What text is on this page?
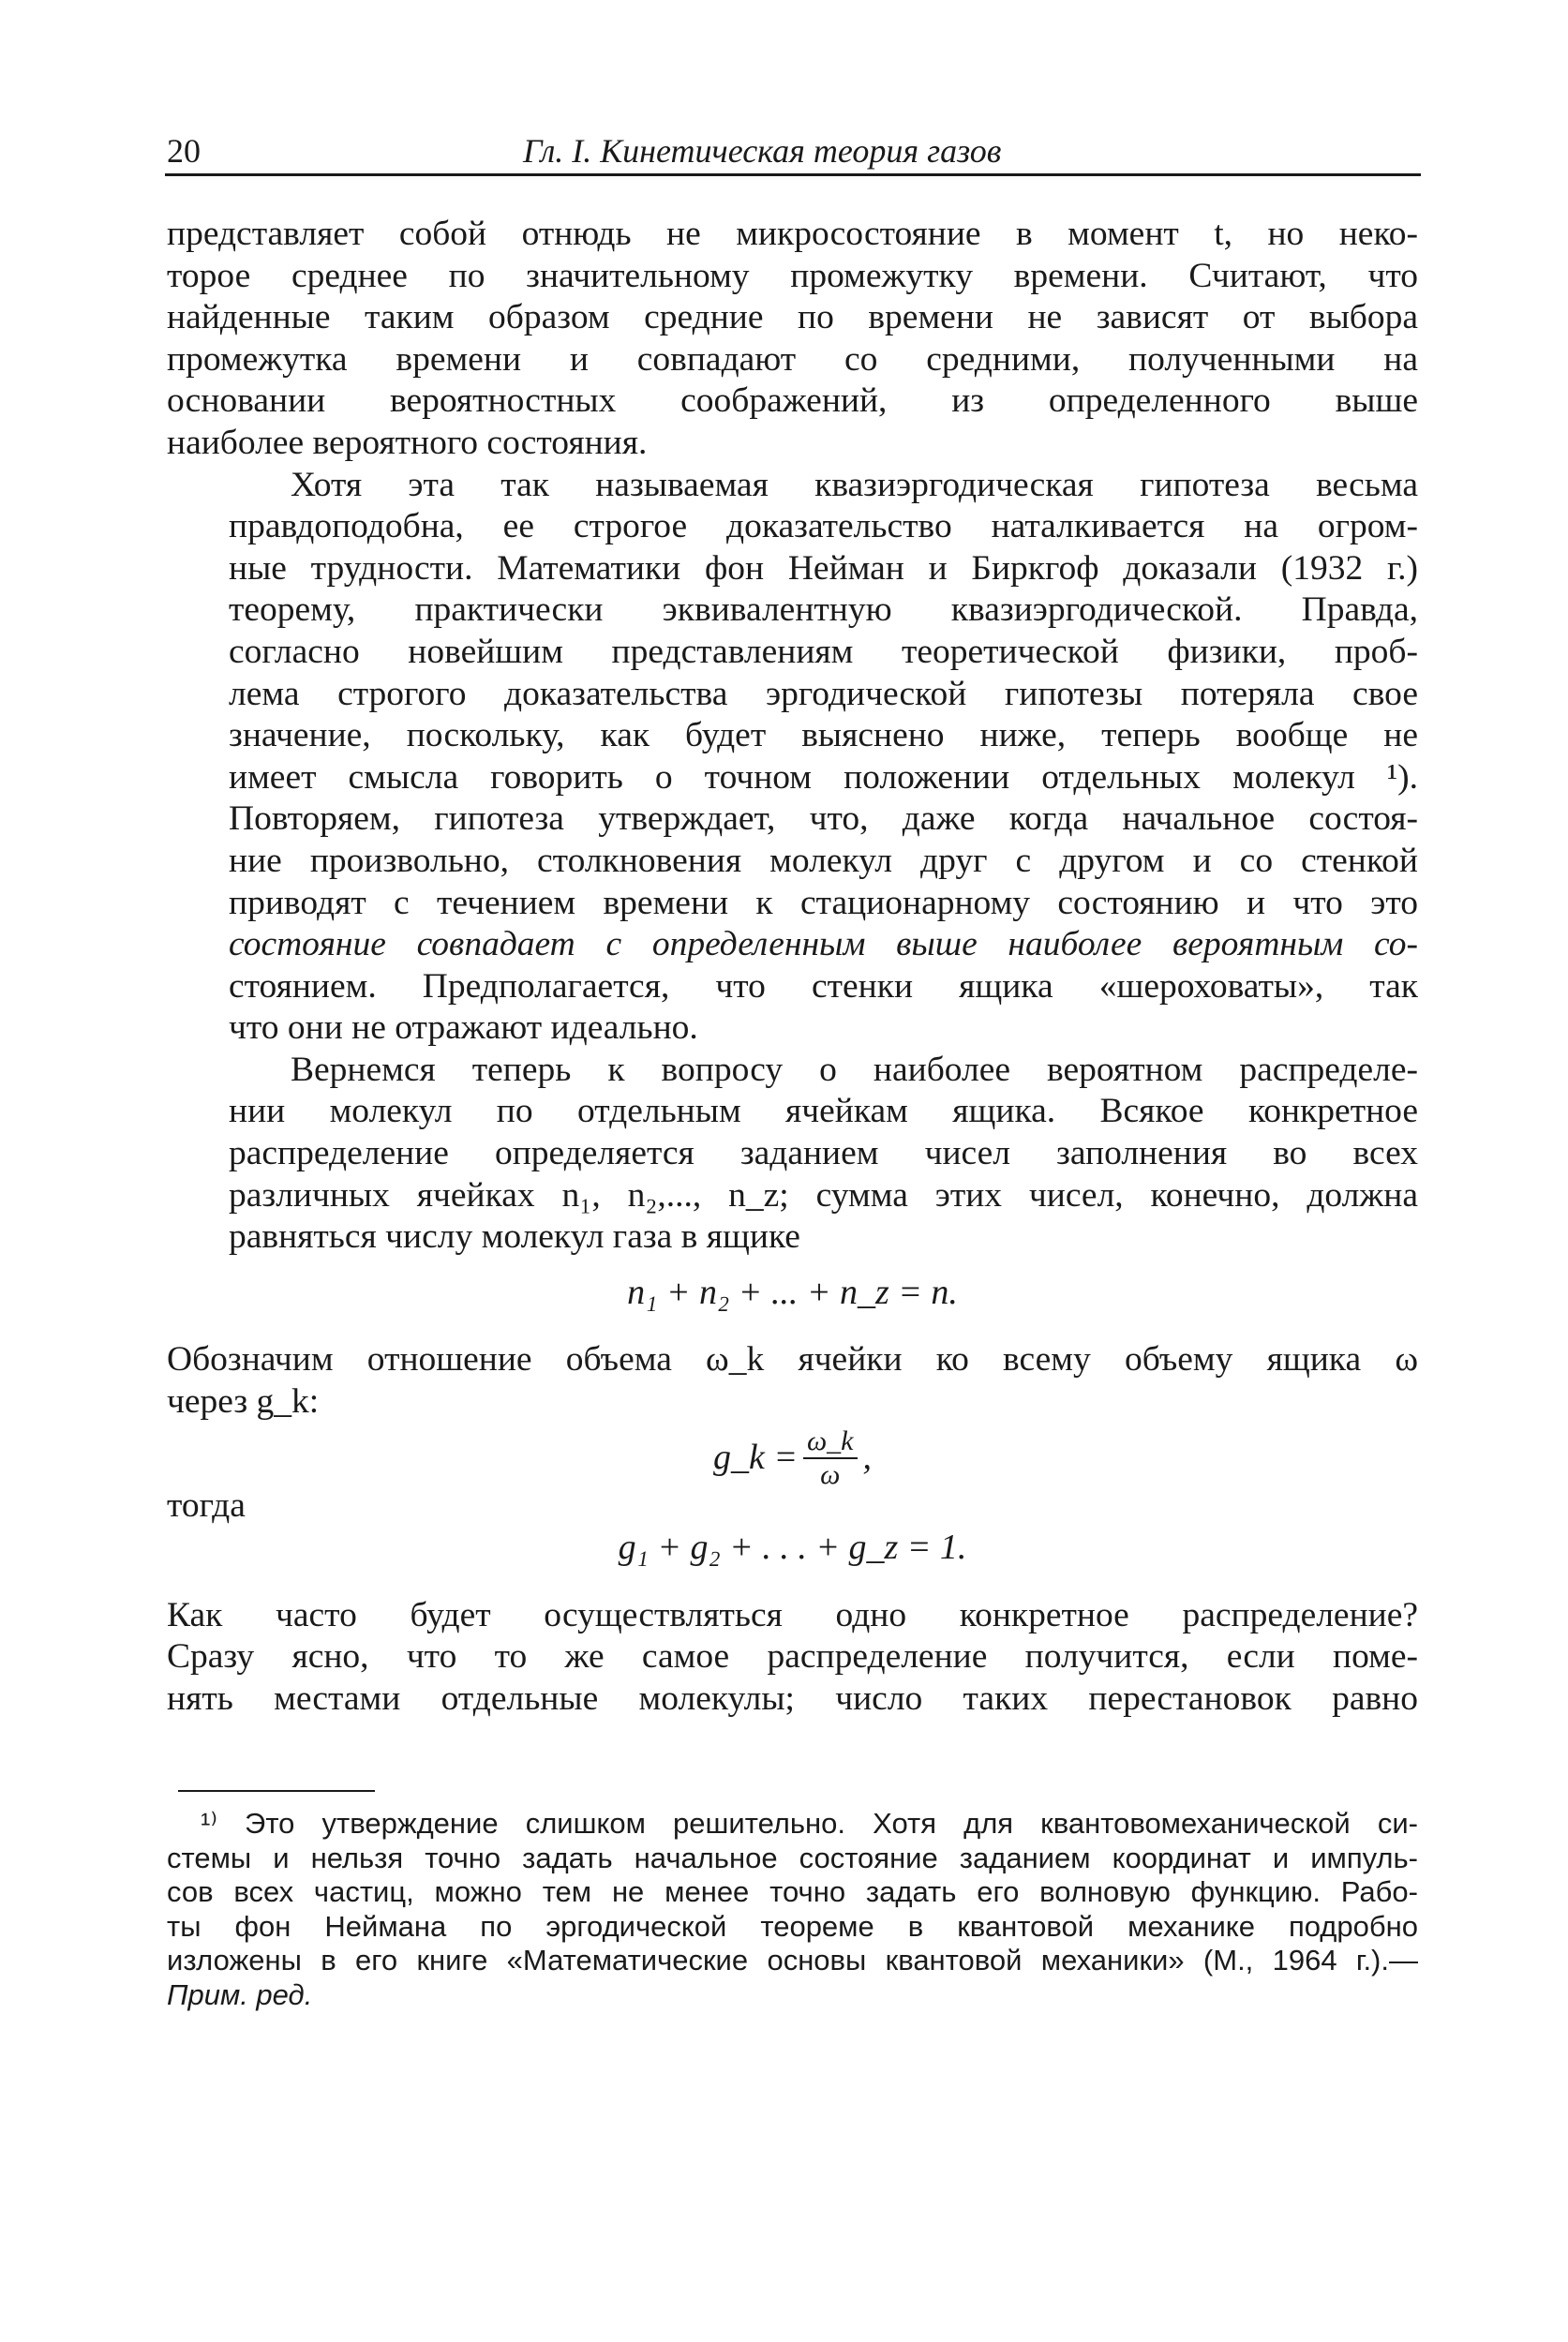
20	Гл. I. Кинетическая теория газов

представляет собой отнюдь не микросостояние в момент t, но неко-
торое среднее по значительному промежутку времени. Считают, что
найденные таким образом средние по времени не зависят от выбора
промежутка времени и совпадают со средними, полученными на
основании вероятностных соображений, из определенного выше
наиболее вероятного состояния.

Хотя эта так называемая квазиэргодическая гипотеза весьма
правдоподобна, ее строгое доказательство наталкивается на огром-
ные трудности. Математики фон Нейман и Биркгоф доказали (1932 г.)
теорему, практически эквивалентную квазиэргодической. Правда,
согласно новейшим представлениям теоретической физики, проб-
лема строгого доказательства эргодической гипотезы потеряла свое
значение, поскольку, как будет выяснено ниже, теперь вообще не
имеет смысла говорить о точном положении отдельных молекул ¹).
Повторяем, гипотеза утверждает, что, даже когда начальное состоя-
ние произвольно, столкновения молекул друг с другом и со стенкой
приводят с течением времени к стационарному состоянию и что это
состояние совпадает с определенным выше наиболее вероятным со-
стоянием. Предполагается, что стенки ящика «шероховаты», так
что они не отражают идеально.

Вернемся теперь к вопросу о наиболее вероятном распределе-
нии молекул по отдельным ячейкам ящика. Всякое конкретное
распределение определяется заданием чисел заполнения во всех
различных ячейках n₁, n₂,..., n_z; сумма этих чисел, конечно, должна
равняться числу молекул газа в ящике

n₁ + n₂ + ... + n_z = n.

Обозначим отношение объема ω_k ячейки ко всему объему ящика ω
через g_k:

g_k = $\frac{\omega\_k}{\omega}$ ,
тогда
g₁ + g₂ + . . . + g_z = 1.

Как часто будет осуществляться одно конкретное распределение?
Сразу ясно, что то же самое распределение получится, если поме-
нять местами отдельные молекулы; число таких перестановок равно

¹⁾ Это утверждение слишком решительно. Хотя для квантовомеханической си-
стемы и нельзя точно задать начальное состояние заданием координат и импуль-
сов всех частиц, можно тем не менее точно задать его волновую функцию. Рабо-
ты фон Неймана по эргодической теореме в квантовой механике подробно
изложены в его книге «Математические основы квантовой механики» (М., 1964 г.).—
Прим. ред.
